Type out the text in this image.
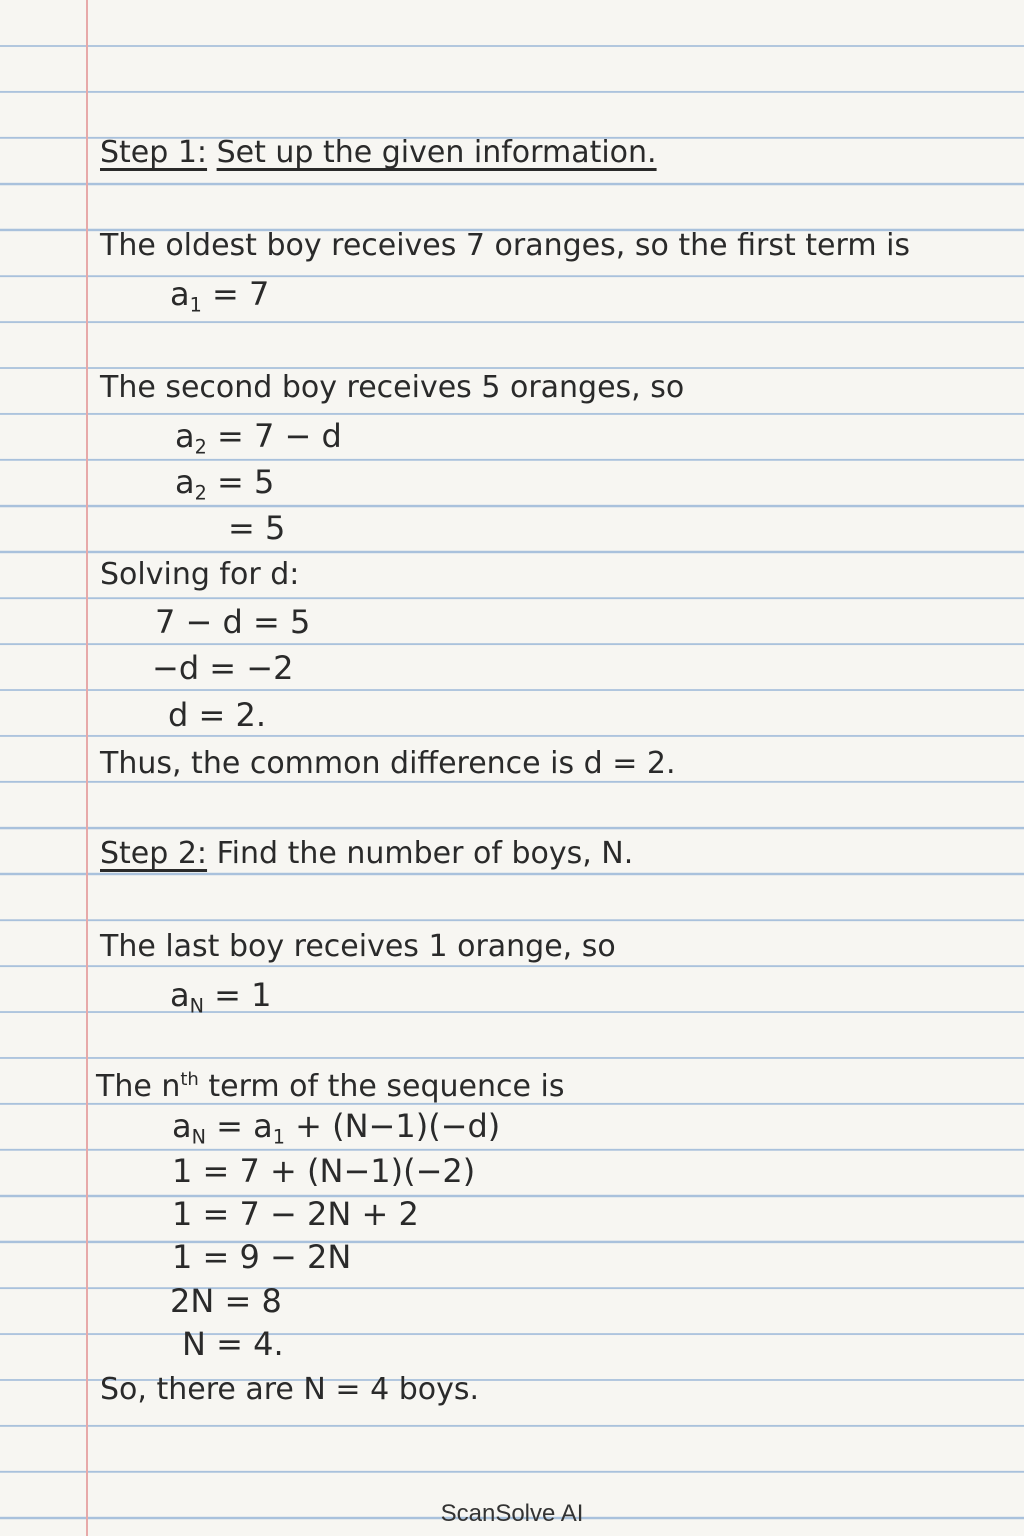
Step 1: Set up the given information.
The oldest boy receives 7 oranges, so the first term is
$a_1 = 7$
The second boy receives 5 oranges, so
$a_2 = 7 - d$
$a_2 = 5$
= 5
Solving for d:
7 − d = 5
−d = −2
d = 2.
Thus, the common difference is d = 2.
Step 2: Find the number of boys, N.
The last boy receives 1 orange, so
$a_N = 1$
The $n^{th}$ term of the sequence is
$a_N = a_1 + (N-1)(-d)$
1 = 7 + (N−1)(−2)
1 = 7 − 2N + 2
1 = 9 − 2N
2N = 8
N = 4.
So, there are N = 4 boys.
ScanSolve AI
